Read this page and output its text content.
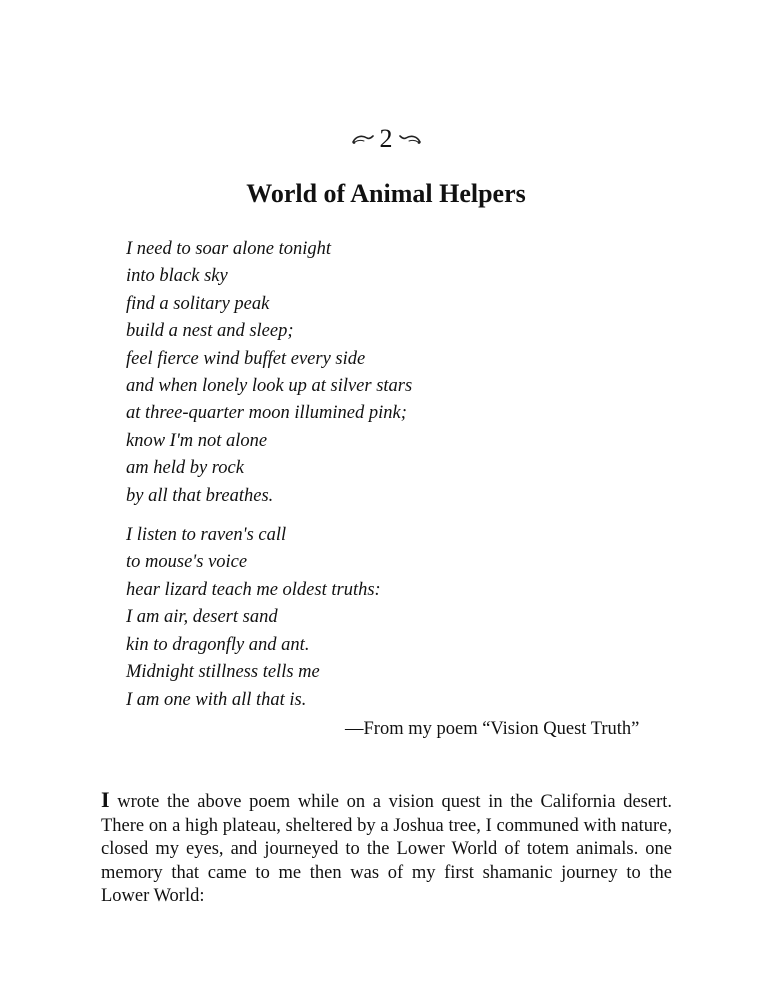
2
World of Animal Helpers

I need to soar alone tonight
into black sky
find a solitary peak
build a nest and sleep;
feel fierce wind buffet every side
and when lonely look up at silver stars
at three-quarter moon illumined pink;
know I'm not alone
am held by rock
by all that breathes.

I listen to raven's call
to mouse's voice
hear lizard teach me oldest truths:
I am air, desert sand
kin to dragonfly and ant.
Midnight stillness tells me
I am one with all that is.

—From my poem “Vision Quest Truth”

I wrote the above poem while on a vision quest in the California desert. There on a high plateau, sheltered by a Joshua tree, I communed with nature, closed my eyes, and journeyed to the Lower World of totem animals. one memory that came to me then was of my first shamanic journey to the Lower World:
